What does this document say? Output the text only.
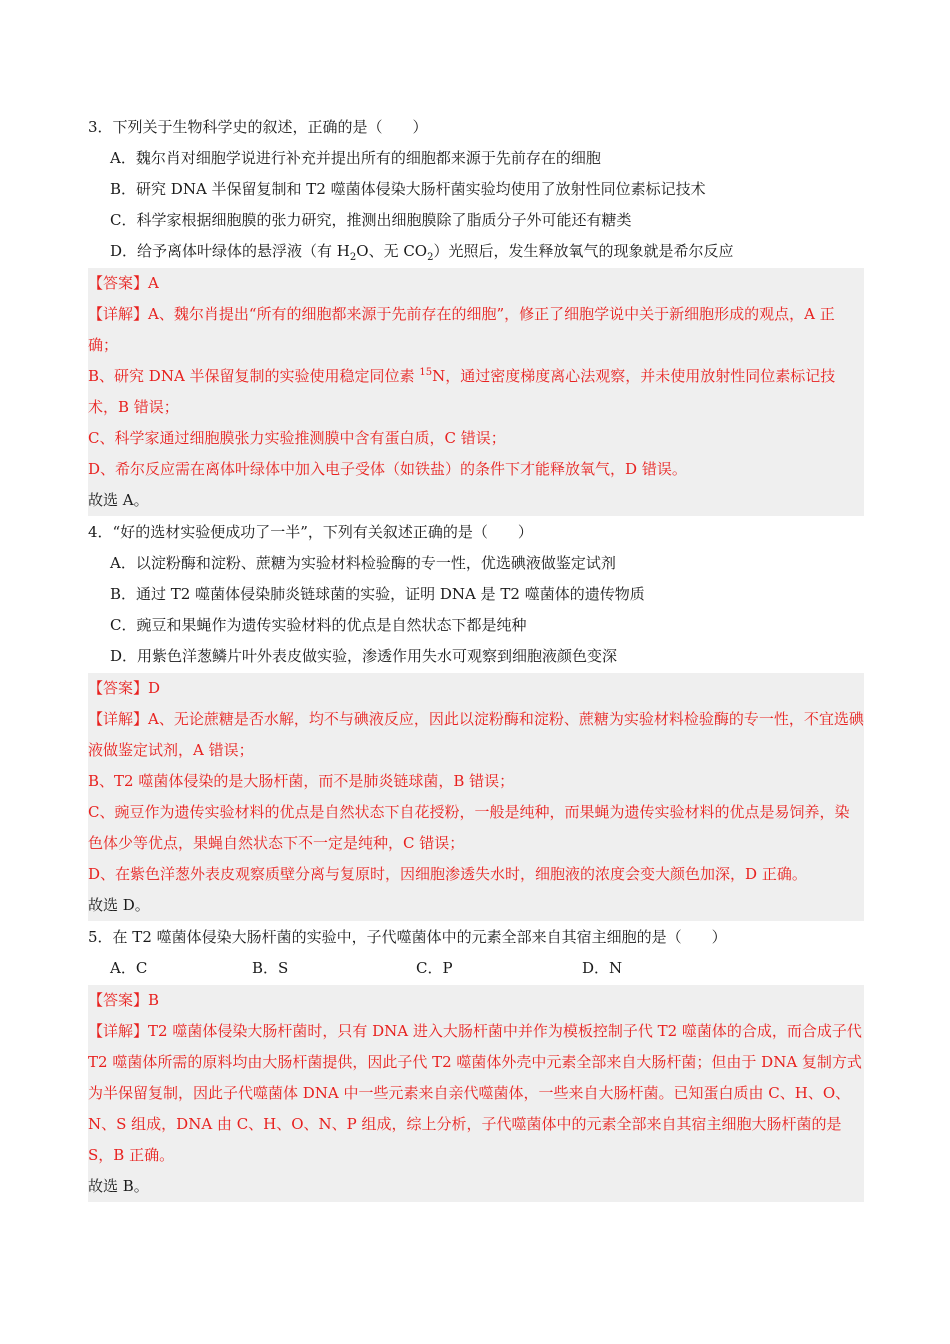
3．下列关于生物科学史的叙述，正确的是（　　）

A．魏尔肖对细胞学说进行补充并提出所有的细胞都来源于先前存在的细胞

B．研究 DNA 半保留复制和 T2 噬菌体侵染大肠杆菌实验均使用了放射性同位素标记技术

C．科学家根据细胞膜的张力研究，推测出细胞膜除了脂质分子外可能还有糖类

D．给予离体叶绿体的悬浮液（有 $H_2O$、无 $CO_2$）光照后，发生释放氧气的现象就是希尔反应

【答案】A

【详解】A、魏尔肖提出“所有的细胞都来源于先前存在的细胞”，修正了细胞学说中关于新细胞形成的观点，A 正确；

B、研究 DNA 半保留复制的实验使用稳定同位素 $^{15}$N，通过密度梯度离心法观察，并未使用放射性同位素标记技术，B 错误；

C、科学家通过细胞膜张力实验推测膜中含有蛋白质，C 错误；

D、希尔反应需在离体叶绿体中加入电子受体（如铁盐）的条件下才能释放氧气，D 错误。

故选 A。

4．“好的选材实验便成功了一半”，下列有关叙述正确的是（　　）

A．以淀粉酶和淀粉、蔗糖为实验材料检验酶的专一性，优选碘液做鉴定试剂

B．通过 T2 噬菌体侵染肺炎链球菌的实验，证明 DNA 是 T2 噬菌体的遗传物质

C．豌豆和果蝇作为遗传实验材料的优点是自然状态下都是纯种

D．用紫色洋葱鳞片叶外表皮做实验，渗透作用失水可观察到细胞液颜色变深

【答案】D

【详解】A、无论蔗糖是否水解，均不与碘液反应，因此以淀粉酶和淀粉、蔗糖为实验材料检验酶的专一性，不宜选碘液做鉴定试剂，A 错误；

B、T2 噬菌体侵染的是大肠杆菌，而不是肺炎链球菌，B 错误；

C、豌豆作为遗传实验材料的优点是自然状态下自花授粉，一般是纯种，而果蝇为遗传实验材料的优点是易饲养，染色体少等优点，果蝇自然状态下不一定是纯种，C 错误；

D、在紫色洋葱外表皮观察质壁分离与复原时，因细胞渗透失水时，细胞液的浓度会变大颜色加深，D 正确。

故选 D。

5．在 T2 噬菌体侵染大肠杆菌的实验中，子代噬菌体中的元素全部来自其宿主细胞的是（　　）

A．C	B．S	C．P	D．N

【答案】B

【详解】T2 噬菌体侵染大肠杆菌时，只有 DNA 进入大肠杆菌中并作为模板控制子代 T2 噬菌体的合成，而合成子代 T2 噬菌体所需的原料均由大肠杆菌提供，因此子代 T2 噬菌体外壳中元素全部来自大肠杆菌；但由于 DNA 复制方式为半保留复制，因此子代噬菌体 DNA 中一些元素来自亲代噬菌体，一些来自大肠杆菌。已知蛋白质由 C、H、O、N、S 组成，DNA 由 C、H、O、N、P 组成，综上分析，子代噬菌体中的元素全部来自其宿主细胞大肠杆菌的是 S，B 正确。

故选 B。
